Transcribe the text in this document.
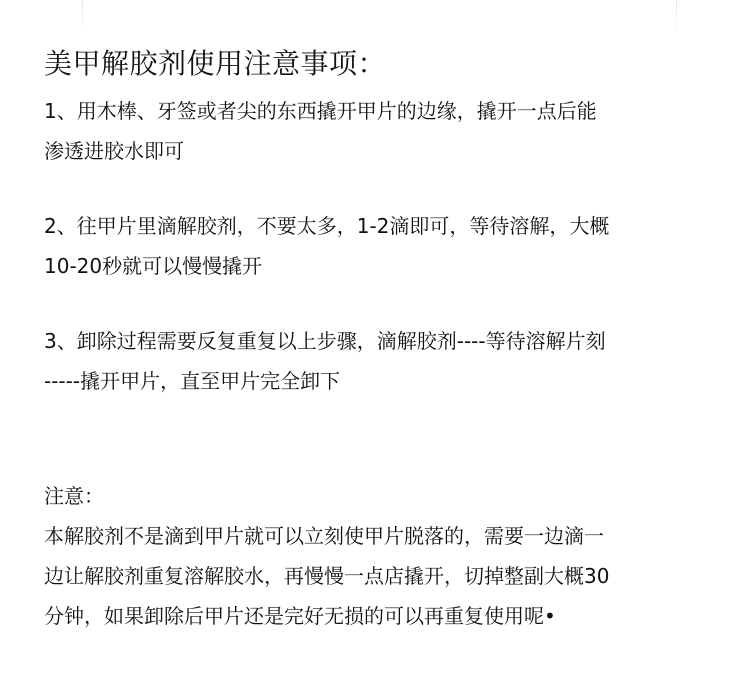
美甲解胶剂使用注意事项：
1、用木棒、牙签或者尖的东西撬开甲片的边缘，撬开一点后能
渗透进胶水即可
2、往甲片里滴解胶剂，不要太多，1-2滴即可，等待溶解，大概
10-20秒就可以慢慢撬开
3、卸除过程需要反复重复以上步骤，滴解胶剂----等待溶解片刻
-----撬开甲片，直至甲片完全卸下
注意：
本解胶剂不是滴到甲片就可以立刻使甲片脱落的，需要一边滴一
边让解胶剂重复溶解胶水，再慢慢一点店撬开，切掉整副大概30
分钟，如果卸除后甲片还是完好无损的可以再重复使用呢•
